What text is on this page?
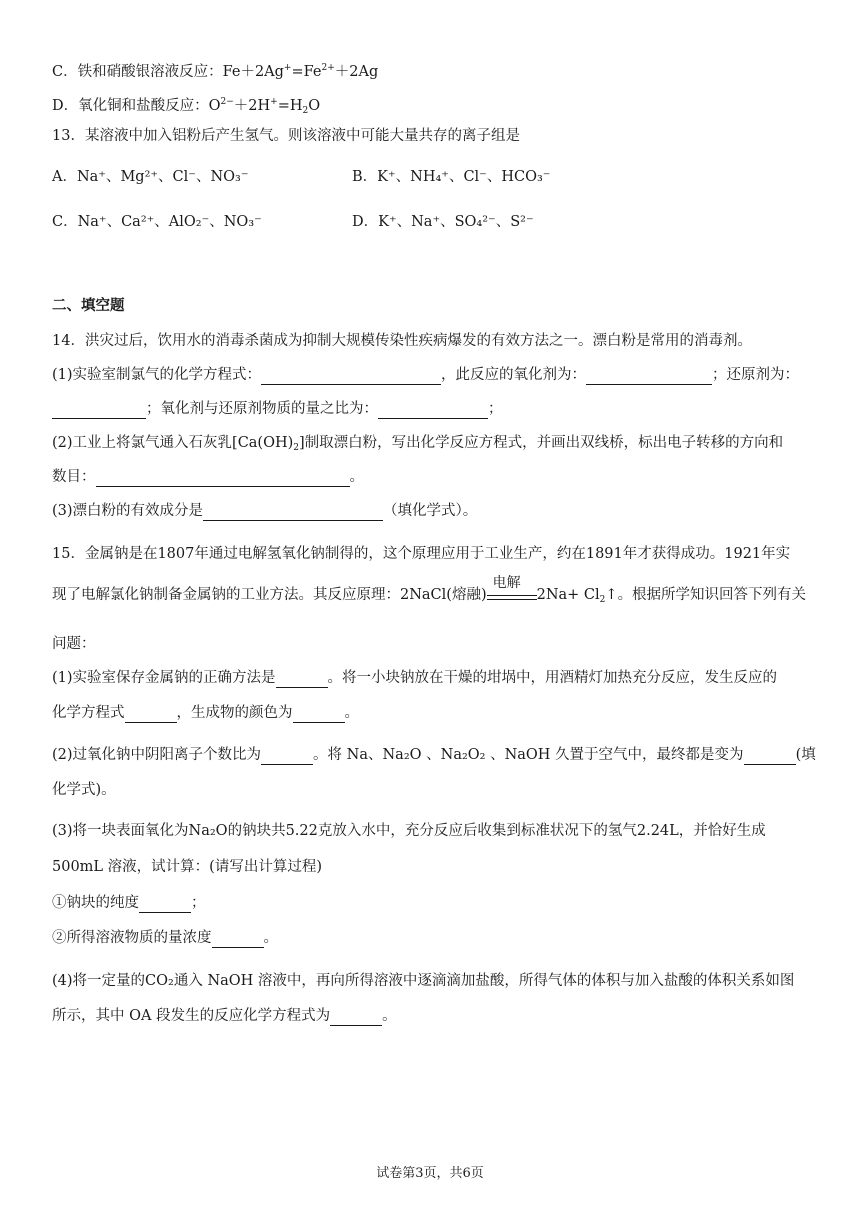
C．铁和硝酸银溶液反应：$Fe+2Ag^+=Fe^{2+}+2Ag$
D．氧化铜和盐酸反应：$O^{2-}+2H^+=H_2O$
13．某溶液中加入铝粉后产生氢气。则该溶液中可能大量共存的离子组是
A．Na⁺、Mg²⁺、Cl⁻、NO₃⁻	B．K⁺、NH₄⁺、Cl⁻、HCO₃⁻
C．Na⁺、Ca²⁺、AlO₂⁻、NO₃⁻	D．K⁺、Na⁺、SO₄²⁻、S²⁻
二、填空题
14．洪灾过后，饮用水的消毒杀菌成为抑制大规模传染性疾病爆发的有效方法之一。漂白粉是常用的消毒剂。
(1)实验室制氯气的化学方程式：	，此反应的氧化剂为：	；还原剂为：
；氧化剂与还原剂物质的量之比为：	；
(2)工业上将氯气通入石灰乳$[Ca(OH)_2]$制取漂白粉，写出化学反应方程式，并画出双线桥，标出电子转移的方向和
数目：	。
(3)漂白粉的有效成分是	（填化学式）。
15．金属钠是在1807年通过电解氢氧化钠制得的，这个原理应用于工业生产，约在1891年才获得成功。1921年实
现了电解氯化钠制备金属钠的工业方法。其反应原理：2NaCl(熔融)
电解
$2Na+ Cl_2↑$。根据所学知识回答下列有关
问题：
(1)实验室保存金属钠的正确方法是	。将一小块钠放在干燥的坩埚中，用酒精灯加热充分反应，发生反应的
化学方程式	，生成物的颜色为	。
(2)过氧化钠中阴阳离子个数比为	。将 Na、Na₂O 、Na₂O₂ 、NaOH 久置于空气中，最终都是变为	(填
化学式)。
(3)将一块表面氧化为Na₂O的钠块共5.22克放入水中，充分反应后收集到标准状况下的氢气2.24L，并恰好生成
500mL 溶液，试计算：(请写出计算过程)
①钠块的纯度	；
②所得溶液物质的量浓度	。
(4)将一定量的CO₂通入 NaOH 溶液中，再向所得溶液中逐滴滴加盐酸，所得气体的体积与加入盐酸的体积关系如图
所示，其中 OA 段发生的反应化学方程式为	。
试卷第3页，共6页
